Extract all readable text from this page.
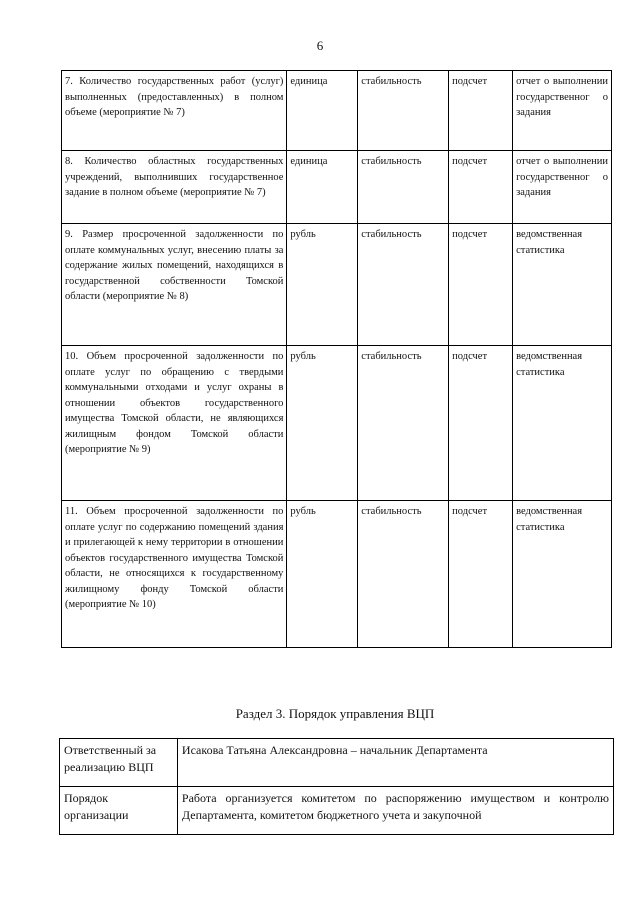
6
7. Количество государственных работ (услуг) выполненных (предоставленных) в полном объеме (мероприятие № 7)	единица	стабильность	подсчет	отчет о выполнении государственног о задания
8. Количество областных государственных учреждений, выполнивших государственное задание в полном объеме (мероприятие № 7)	единица	стабильность	подсчет	отчет о выполнении государственног о задания
9. Размер просроченной задолженности по оплате коммунальных услуг, внесению платы за содержание жилых помещений, находящихся в государственной собственности Томской области (мероприятие № 8)	рубль	стабильность	подсчет	ведомственная статистика
10. Объем просроченной задолженности по оплате услуг по обращению с твердыми коммунальными отходами и услуг охраны в отношении объектов государственного имущества Томской области, не являющихся жилищным фондом Томской области (мероприятие № 9)	рубль	стабильность	подсчет	ведомственная статистика
11. Объем просроченной задолженности по оплате услуг по содержанию помещений здания и прилегающей к нему территории в отношении объектов государственного имущества Томской области, не относящихся к государственному жилищному фонду Томской области (мероприятие № 10)	рубль	стабильность	подсчет	ведомственная статистика
Раздел 3. Порядок управления ВЦП
Ответственный за реализацию ВЦП	Исакова Татьяна Александровна – начальник Департамента
Порядок организации	Работа организуется комитетом по распоряжению имуществом и контролю Департамента, комитетом бюджетного учета и закупочной
